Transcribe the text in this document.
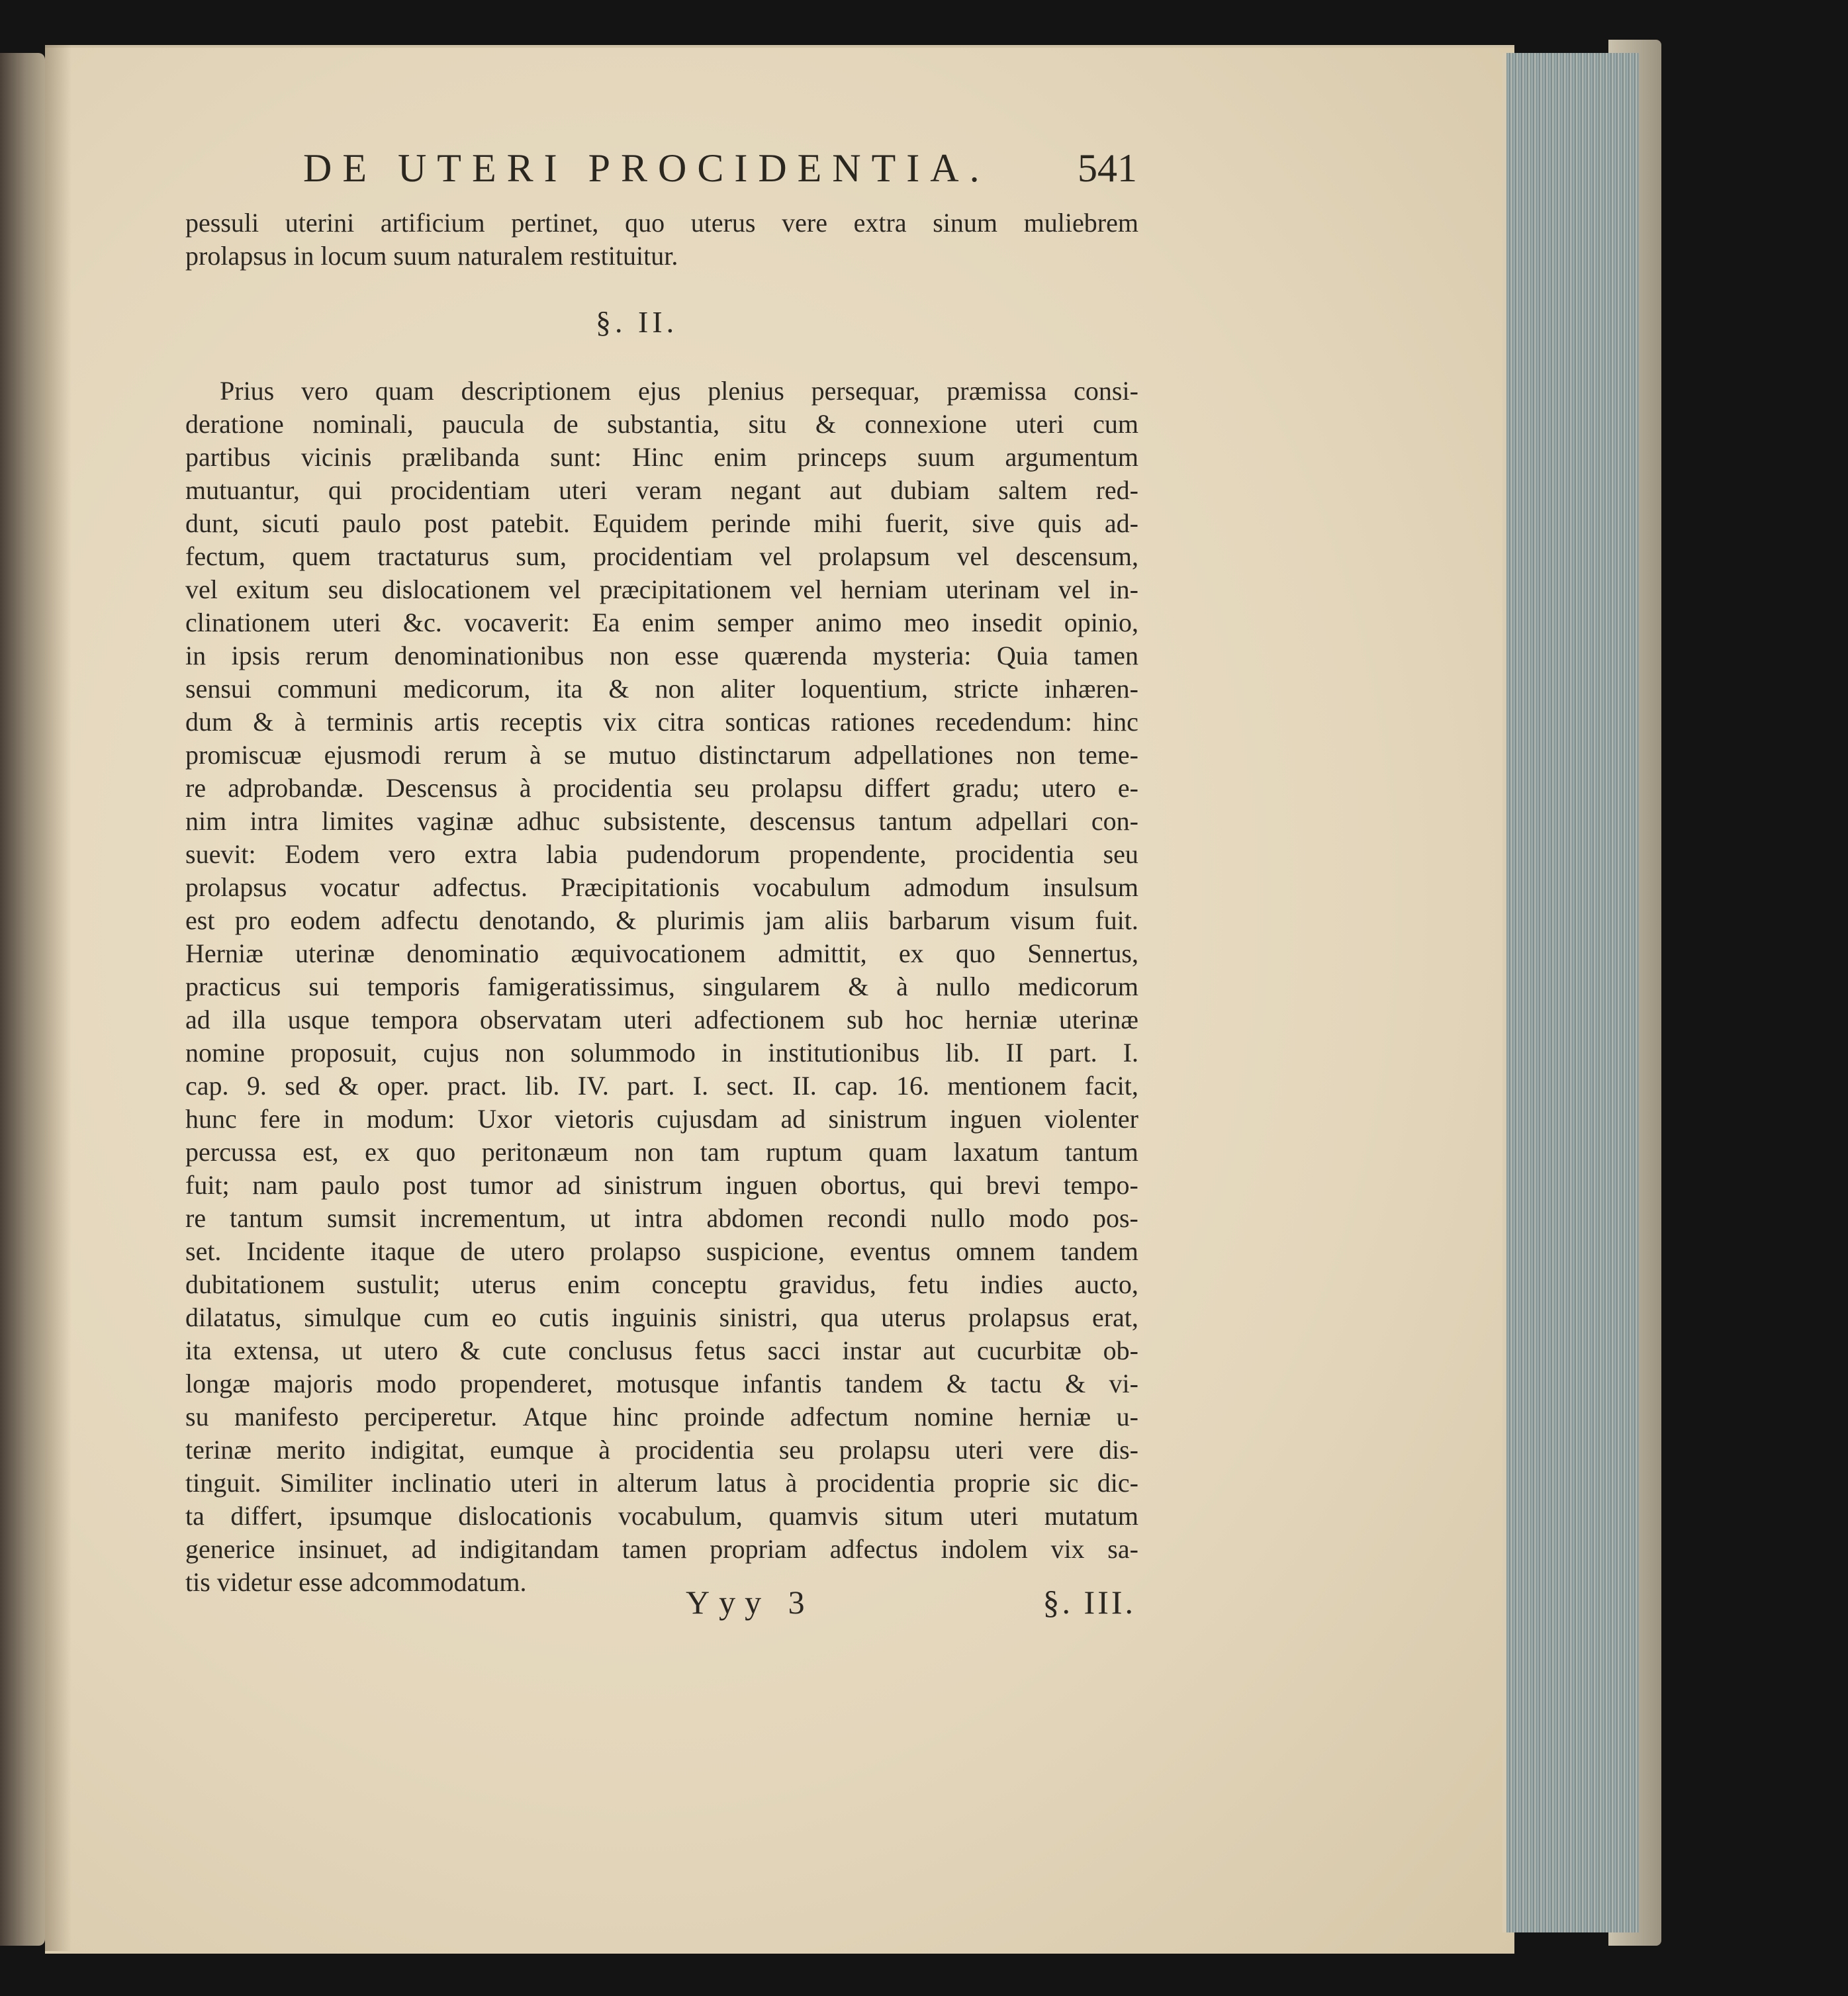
DE UTERI PROCIDENTIA. 541
pessuli uterini artificium pertinet, quo uterus vere extra sinum muliebrem
prolapsus in locum suum naturalem restituitur.
§. II.
Prius vero quam descriptionem ejus plenius persequar, præmissa consi-
deratione nominali, paucula de substantia, situ & connexione uteri cum
partibus vicinis prælibanda sunt: Hinc enim princeps suum argumentum
mutuantur, qui procidentiam uteri veram negant aut dubiam saltem red-
dunt, sicuti paulo post patebit. Equidem perinde mihi fuerit, sive quis ad-
fectum, quem tractaturus sum, procidentiam vel prolapsum vel descensum,
vel exitum seu dislocationem vel præcipitationem vel herniam uterinam vel in-
clinationem uteri &c. vocaverit: Ea enim semper animo meo insedit opinio,
in ipsis rerum denominationibus non esse quærenda mysteria: Quia tamen
sensui communi medicorum, ita & non aliter loquentium, stricte inhæren-
dum & à terminis artis receptis vix citra sonticas rationes recedendum: hinc
promiscuæ ejusmodi rerum à se mutuo distinctarum adpellationes non teme-
re adprobandæ. Descensus à procidentia seu prolapsu differt gradu; utero e-
nim intra limites vaginæ adhuc subsistente, descensus tantum adpellari con-
suevit: Eodem vero extra labia pudendorum propendente, procidentia seu
prolapsus vocatur adfectus. Præcipitationis vocabulum admodum insulsum
est pro eodem adfectu denotando, & plurimis jam aliis barbarum visum fuit.
Herniæ uterinæ denominatio æquivocationem admittit, ex quo Sennertus,
practicus sui temporis famigeratissimus, singularem & à nullo medicorum
ad illa usque tempora observatam uteri adfectionem sub hoc herniæ uterinæ
nomine proposuit, cujus non solummodo in institutionibus lib. II part. I.
cap. 9. sed & oper. pract. lib. IV. part. I. sect. II. cap. 16. mentionem facit,
hunc fere in modum: Uxor vietoris cujusdam ad sinistrum inguen violenter
percussa est, ex quo peritonæum non tam ruptum quam laxatum tantum
fuit; nam paulo post tumor ad sinistrum inguen obortus, qui brevi tempo-
re tantum sumsit incrementum, ut intra abdomen recondi nullo modo pos-
set. Incidente itaque de utero prolapso suspicione, eventus omnem tandem
dubitationem sustulit; uterus enim conceptu gravidus, fetu indies aucto,
dilatatus, simulque cum eo cutis inguinis sinistri, qua uterus prolapsus erat,
ita extensa, ut utero & cute conclusus fetus sacci instar aut cucurbitæ ob-
longæ majoris modo propenderet, motusque infantis tandem & tactu & vi-
su manifesto perciperetur. Atque hinc proinde adfectum nomine herniæ u-
terinæ merito indigitat, eumque à procidentia seu prolapsu uteri vere dis-
tinguit. Similiter inclinatio uteri in alterum latus à procidentia proprie sic dic-
ta differt, ipsumque dislocationis vocabulum, quamvis situm uteri mutatum
generice insinuet, ad indigitandam tamen propriam adfectus indolem vix sa-
tis videtur esse adcommodatum.
Yyy 3	§. III.
